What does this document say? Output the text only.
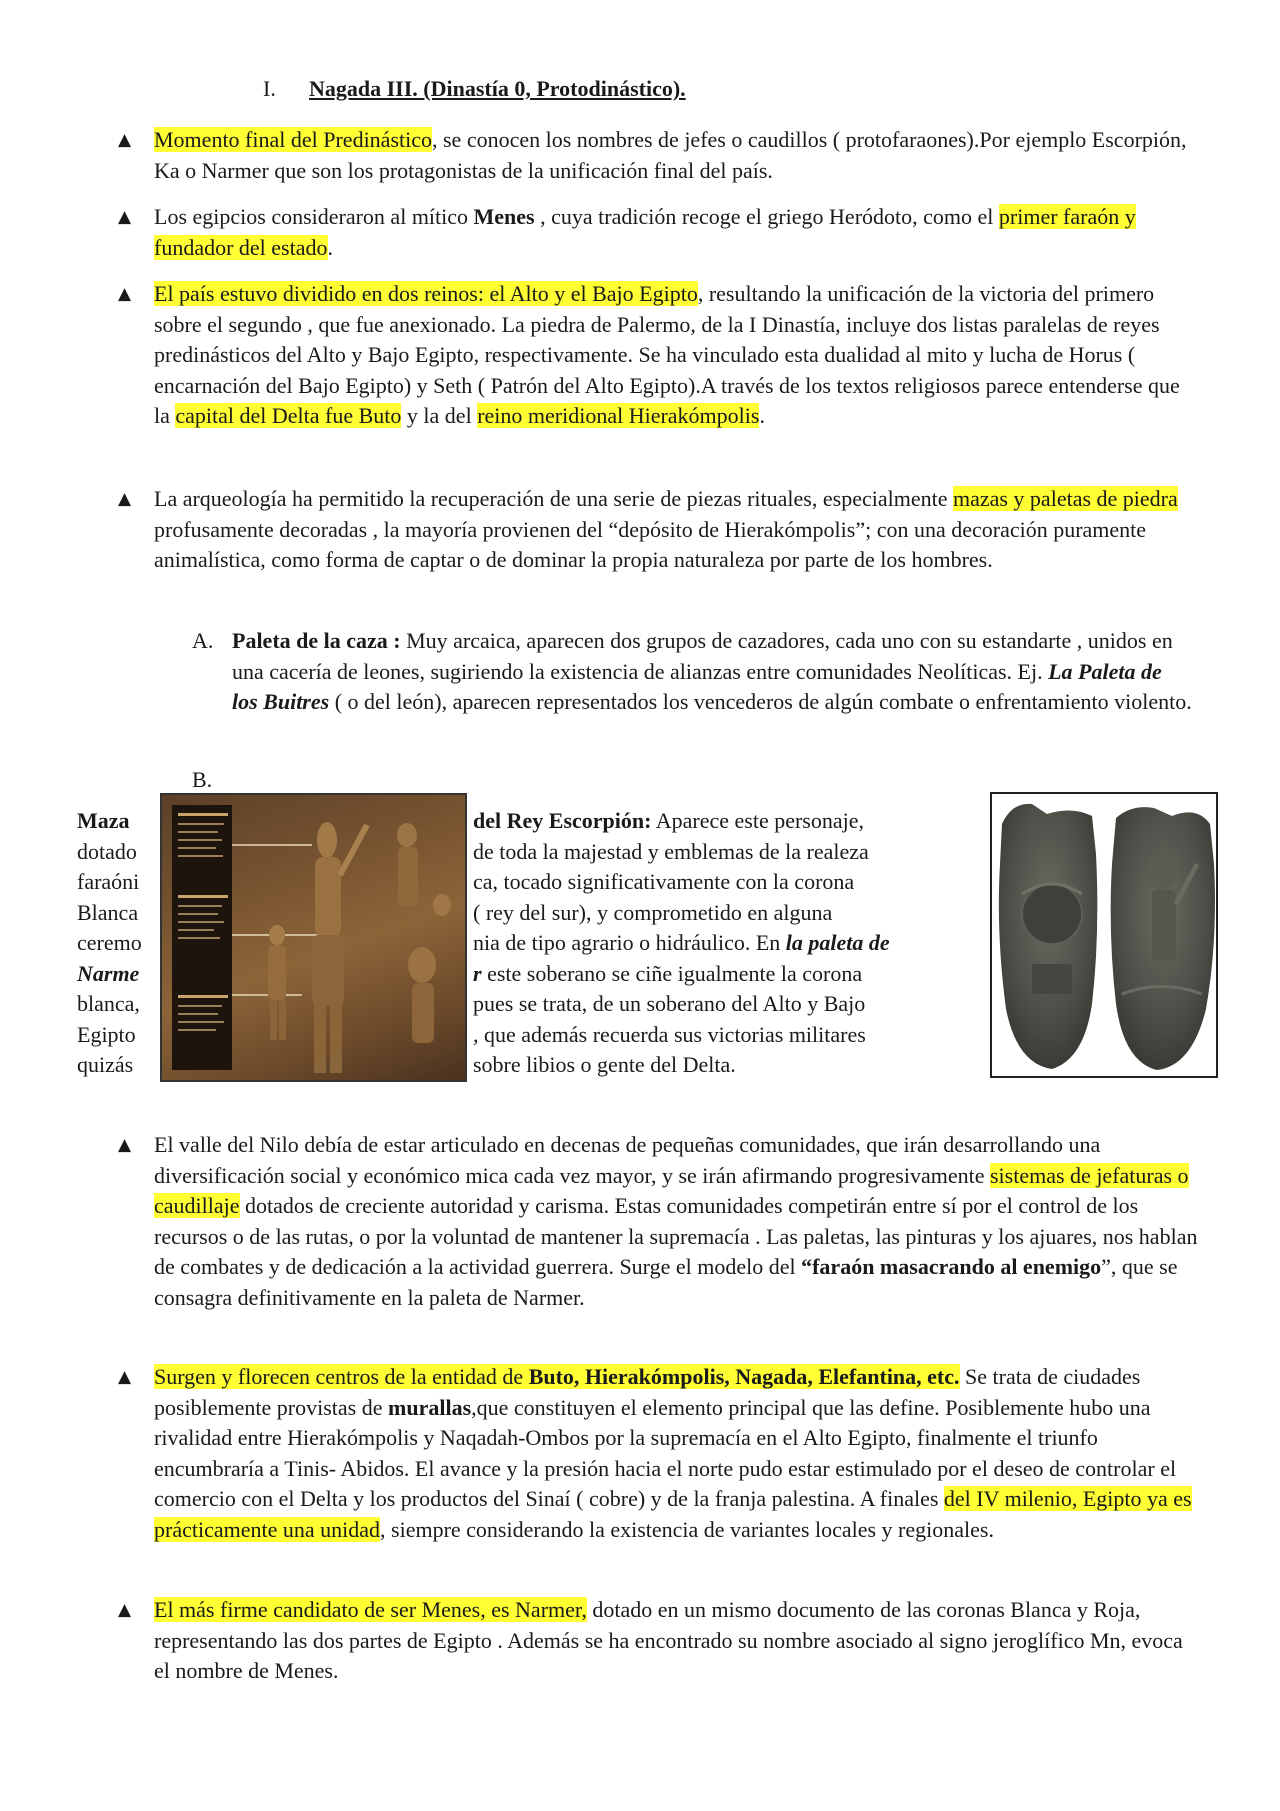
I. Nagada III. (Dinastía 0, Protodinástico).
▲ Momento final del Predinástico, se conocen los nombres de jefes o caudillos ( protofaraones).Por ejemplo Escorpión, Ka o Narmer que son los protagonistas de la unificación final del país.
▲ Los egipcios consideraron al mítico Menes , cuya tradición recoge el griego Heródoto, como el primer faraón y fundador del estado.
▲ El país estuvo dividido en dos reinos: el Alto y el Bajo Egipto, resultando la unificación de la victoria del primero sobre el segundo , que fue anexionado. La piedra de Palermo, de la I Dinastía, incluye dos listas paralelas de reyes predinásticos del Alto y Bajo Egipto, respectivamente. Se ha vinculado esta dualidad al mito y lucha de Horus ( encarnación del Bajo Egipto) y Seth ( Patrón del Alto Egipto).A través de los textos religiosos parece entenderse que la capital del Delta fue Buto y la del reino meridional Hierakómpolis.
▲ La arqueología ha permitido la recuperación de una serie de piezas rituales, especialmente mazas y paletas de piedra profusamente decoradas , la mayoría provienen del “depósito de Hierakómpolis”; con una decoración puramente animalística, como forma de captar o de dominar la propia naturaleza por parte de los hombres.
A. Paleta de la caza : Muy arcaica, aparecen dos grupos de cazadores, cada uno con su estandarte , unidos en una cacería de leones, sugiriendo la existencia de alianzas entre comunidades Neolíticas. Ej. La Paleta de los Buitres ( o del león), aparecen representados los vencederos de algún combate o enfrentamiento violento.
B.
Maza
dotado
faraóni
Blanca
ceremo
Narme
blanca,
Egipto
quizás
del Rey Escorpión: Aparece este personaje,
de toda la majestad y emblemas de la realeza
ca, tocado significativamente con la corona
( rey del sur), y comprometido en alguna
nia de tipo agrario o hidráulico. En la paleta de
r este soberano se ciñe igualmente la corona
pues se trata, de un soberano del Alto y Bajo
, que además recuerda sus victorias militares
sobre libios o gente del Delta.
▲ El valle del Nilo debía de estar articulado en decenas de pequeñas comunidades, que irán desarrollando una diversificación social y económico mica cada vez mayor, y se irán afirmando progresivamente sistemas de jefaturas o caudillaje dotados de creciente autoridad y carisma. Estas comunidades competirán entre sí por el control de los recursos o de las rutas, o por la voluntad de mantener la supremacía . Las paletas, las pinturas y los ajuares, nos hablan de combates y de dedicación a la actividad guerrera. Surge el modelo del “faraón masacrando al enemigo”, que se consagra definitivamente en la paleta de Narmer.
▲ Surgen y florecen centros de la entidad de Buto, Hierakómpolis, Nagada, Elefantina, etc. Se trata de ciudades posiblemente provistas de murallas,que constituyen el elemento principal que las define. Posiblemente hubo una rivalidad entre Hierakómpolis y Naqadah-Ombos por la supremacía en el Alto Egipto, finalmente el triunfo encumbraría a Tinis- Abidos. El avance y la presión hacia el norte pudo estar estimulado por el deseo de controlar el comercio con el Delta y los productos del Sinaí ( cobre) y de la franja palestina. A finales del IV milenio, Egipto ya es prácticamente una unidad, siempre considerando la existencia de variantes locales y regionales.
▲ El más firme candidato de ser Menes, es Narmer, dotado en un mismo documento de las coronas Blanca y Roja, representando las dos partes de Egipto . Además se ha encontrado su nombre asociado al signo jeroglífico Mn, evoca el nombre de Menes.
